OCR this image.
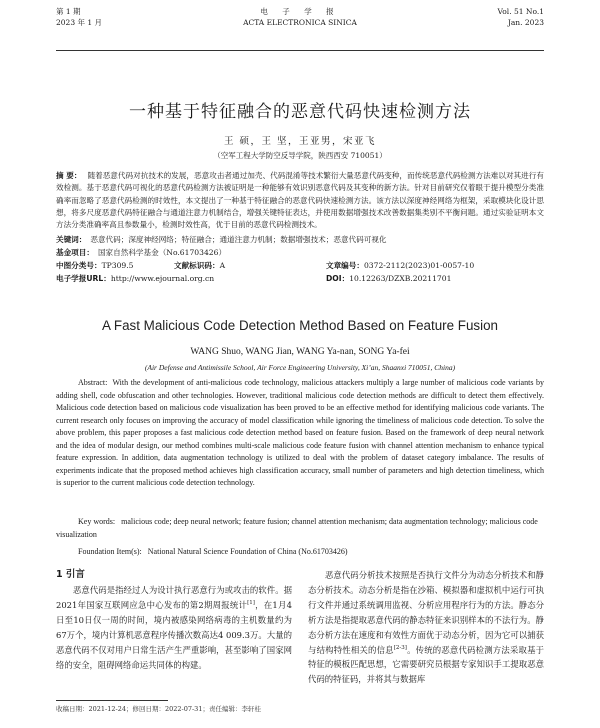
第 1 期
2023 年 1 月
电 子 学 报
ACTA ELECTRONICA SINICA
Vol. 51 No.1
Jan. 2023
一种基于特征融合的恶意代码快速检测方法
王 硕，王 坚，王亚男，宋亚飞
（空军工程大学防空反导学院，陕西西安 710051）
摘 要： 随着恶意代码对抗技术的发展，恶意攻击者通过加壳、代码混淆等技术繁衍大量恶意代码变种，而传统恶意代码检测方法难以对其进行有效检测。基于恶意代码可视化的恶意代码检测方法被证明是一种能够有效识别恶意代码及其变种的新方法。针对目前研究仅着眼于提升模型分类准确率而忽略了恶意代码检测的时效性，本文提出了一种基于特征融合的恶意代码快速检测方法。该方法以深度神经网络为框架，采取模块化设计思想，将多尺度恶意代码特征融合与通道注意力机制结合，增强关键特征表达，并使用数据增强技术改善数据集类别不平衡问题。通过实验证明本文方法分类准确率高且参数量小，检测时效性高，优于目前的恶意代码检测技术。
关键词： 恶意代码；深度神经网络；特征融合；通道注意力机制；数据增强技术；恶意代码可视化
基金项目： 国家自然科学基金（No.61703426）
中图分类号：TP309.5	文献标识码：A	文章编号：0372-2112(2023)01-0057-10
电子学报URL：http://www.ejournal.org.cn	DOI：10.12263/DZXB.20211701
A Fast Malicious Code Detection Method Based on Feature Fusion
WANG Shuo, WANG Jian, WANG Ya-nan, SONG Ya-fei
(Air Defense and Antimissile School, Air Force Engineering University, Xi’an, Shaanxi 710051, China)
Abstract: With the development of anti-malicious code technology, malicious attackers multiply a large number of malicious code variants by adding shell, code obfuscation and other technologies. However, traditional malicious code detection methods are difficult to detect them effectively. Malicious code detection based on malicious code visualization has been proved to be an effective method for identifying malicious code variants. The current research only focuses on improving the accuracy of model classification while ignoring the timeliness of malicious code detection. To solve the above problem, this paper proposes a fast malicious code detection method based on feature fusion. Based on the framework of deep neural network and the idea of modular design, our method combines multi-scale malicious code feature fusion with channel attention mechanism to enhance typical feature expression. In addition, data augmentation technology is utilized to deal with the problem of dataset category imbalance. The results of experiments indicate that the proposed method achieves high classification accuracy, small number of parameters and high detection timeliness, which is superior to the current malicious code detection technology.
Key words: malicious code; deep neural network; feature fusion; channel attention mechanism; data augmentation technology; malicious code visualization
Foundation Item(s): National Natural Science Foundation of China (No.61703426)
1 引言
恶意代码是指经过人为设计执行恶意行为或攻击的软件。据2021年国家互联网应急中心发布的第2期周报统计[1]，在1月4日至10日仅一周的时间，境内被感染网络病毒的主机数量约为67万个，境内计算机恶意程序传播次数高达4 009.3万。大量的恶意代码不仅对用户日常生活产生严重影响，甚至影响了国家网络的安全，阻碍网络命运共同体的构建。
恶意代码分析技术按照是否执行文件分为动态分析技术和静态分析技术。动态分析是指在沙箱、模拟器和虚拟机中运行可执行文件并通过系统调用监视、分析应用程序行为的方法。静态分析方法是指提取恶意代码的静态特征来识别样本的不法行为。静态分析方法在速度和有效性方面优于动态分析，因为它可以捕获与结构特性相关的信息[2-3]。传统的恶意代码检测方法采取基于特征的模板匹配思想，它需要研究员根据专家知识手工提取恶意代码的特征码，并将其与数据库
收稿日期：2021-12-24；修回日期：2022-07-31；责任编辑：李轩桂
